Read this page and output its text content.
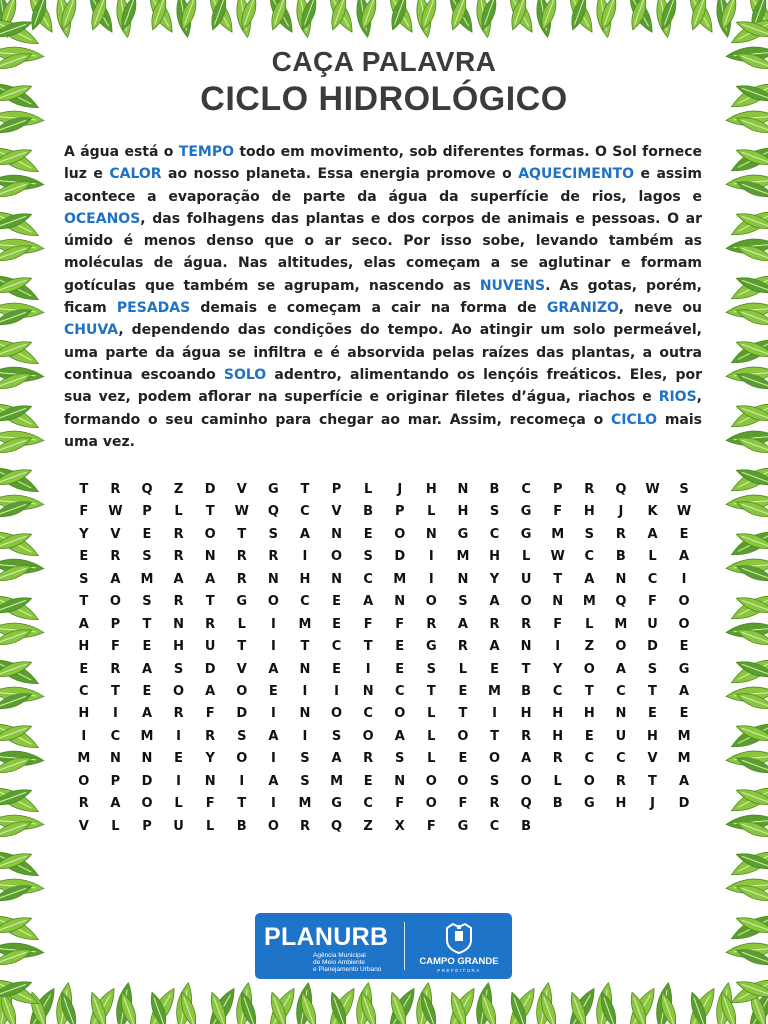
CAÇA PALAVRA
CICLO HIDROLÓGICO
A água está o TEMPO todo em movimento, sob diferentes formas. O Sol fornece luz e CALOR ao nosso planeta. Essa energia promove o AQUECIMENTO e assim acontece a evaporação de parte da água da superfície de rios, lagos e OCEANOS, das folhagens das plantas e dos corpos de animais e pessoas. O ar úmido é menos denso que o ar seco. Por isso sobe, levando também as moléculas de água. Nas altitudes, elas começam a se aglutinar e formam gotículas que também se agrupam, nascendo as NUVENS. As gotas, porém, ficam PESADAS demais e começam a cair na forma de GRANIZO, neve ou CHUVA, dependendo das condições do tempo. Ao atingir um solo permeável, uma parte da água se infiltra e é absorvida pelas raízes das plantas, a outra continua escoando SOLO adentro, alimentando os lençóis freáticos. Eles, por sua vez, podem aflorar na superfície e originar filetes d’água, riachos e RIOS, formando o seu caminho para chegar ao mar. Assim, recomeça o CICLO mais uma vez.
T	R	Q	Z	D	V	G	T	P	L	J	H	N	B	C	P	R	Q	W	S
F	W	P	L	T	W	Q	C	V	B	P	L	H	S	G	F	H	J	K	W
Y	V	E	R	O	T	S	A	N	E	O	N	G	C	G	M	S	R	A	E
E	R	S	R	N	R	R	I	O	S	D	I	M	H	L	W	C	B	L	A
S	A	M	A	A	R	N	H	N	C	M	I	N	Y	U	T	A	N	C	I
T	O	S	R	T	G	O	C	E	A	N	O	S	A	O	N	M	Q	F	O
A	P	T	N	R	L	I	M	E	F	F	R	A	R	R	F	L	M	U	O
H	F	E	H	U	T	I	T	C	T	E	G	R	A	N	I	Z	O	D	E
E	R	A	S	D	V	A	N	E	I	E	S	L	E	T	Y	O	A	S	G
C	T	E	O	A	O	E	I	I	N	C	T	E	M	B	C	T	C	T	A
H	I	A	R	F	D	I	N	O	C	O	L	T	I	H	H	H	N	E	E
I	C	M	I	R	S	A	I	S	O	A	L	O	T	R	H	E	U	H	M
M	N	N	E	Y	O	I	S	A	R	S	L	E	O	A	R	C	C	V	M
O	P	D	I	N	I	A	S	M	E	N	O	O	S	O	L	O	R	T	A
R	A	O	L	F	T	I	M	G	C	F	O	F	R	Q	B	G	H	J	D
V	L	P	U	L	B	O	R	Q	Z	X	F	G	C	B
PLANURB
Agência Municipal
de Meio Ambiente
e Planejamento Urbano
CAMPO GRANDE
PREFEITURA
